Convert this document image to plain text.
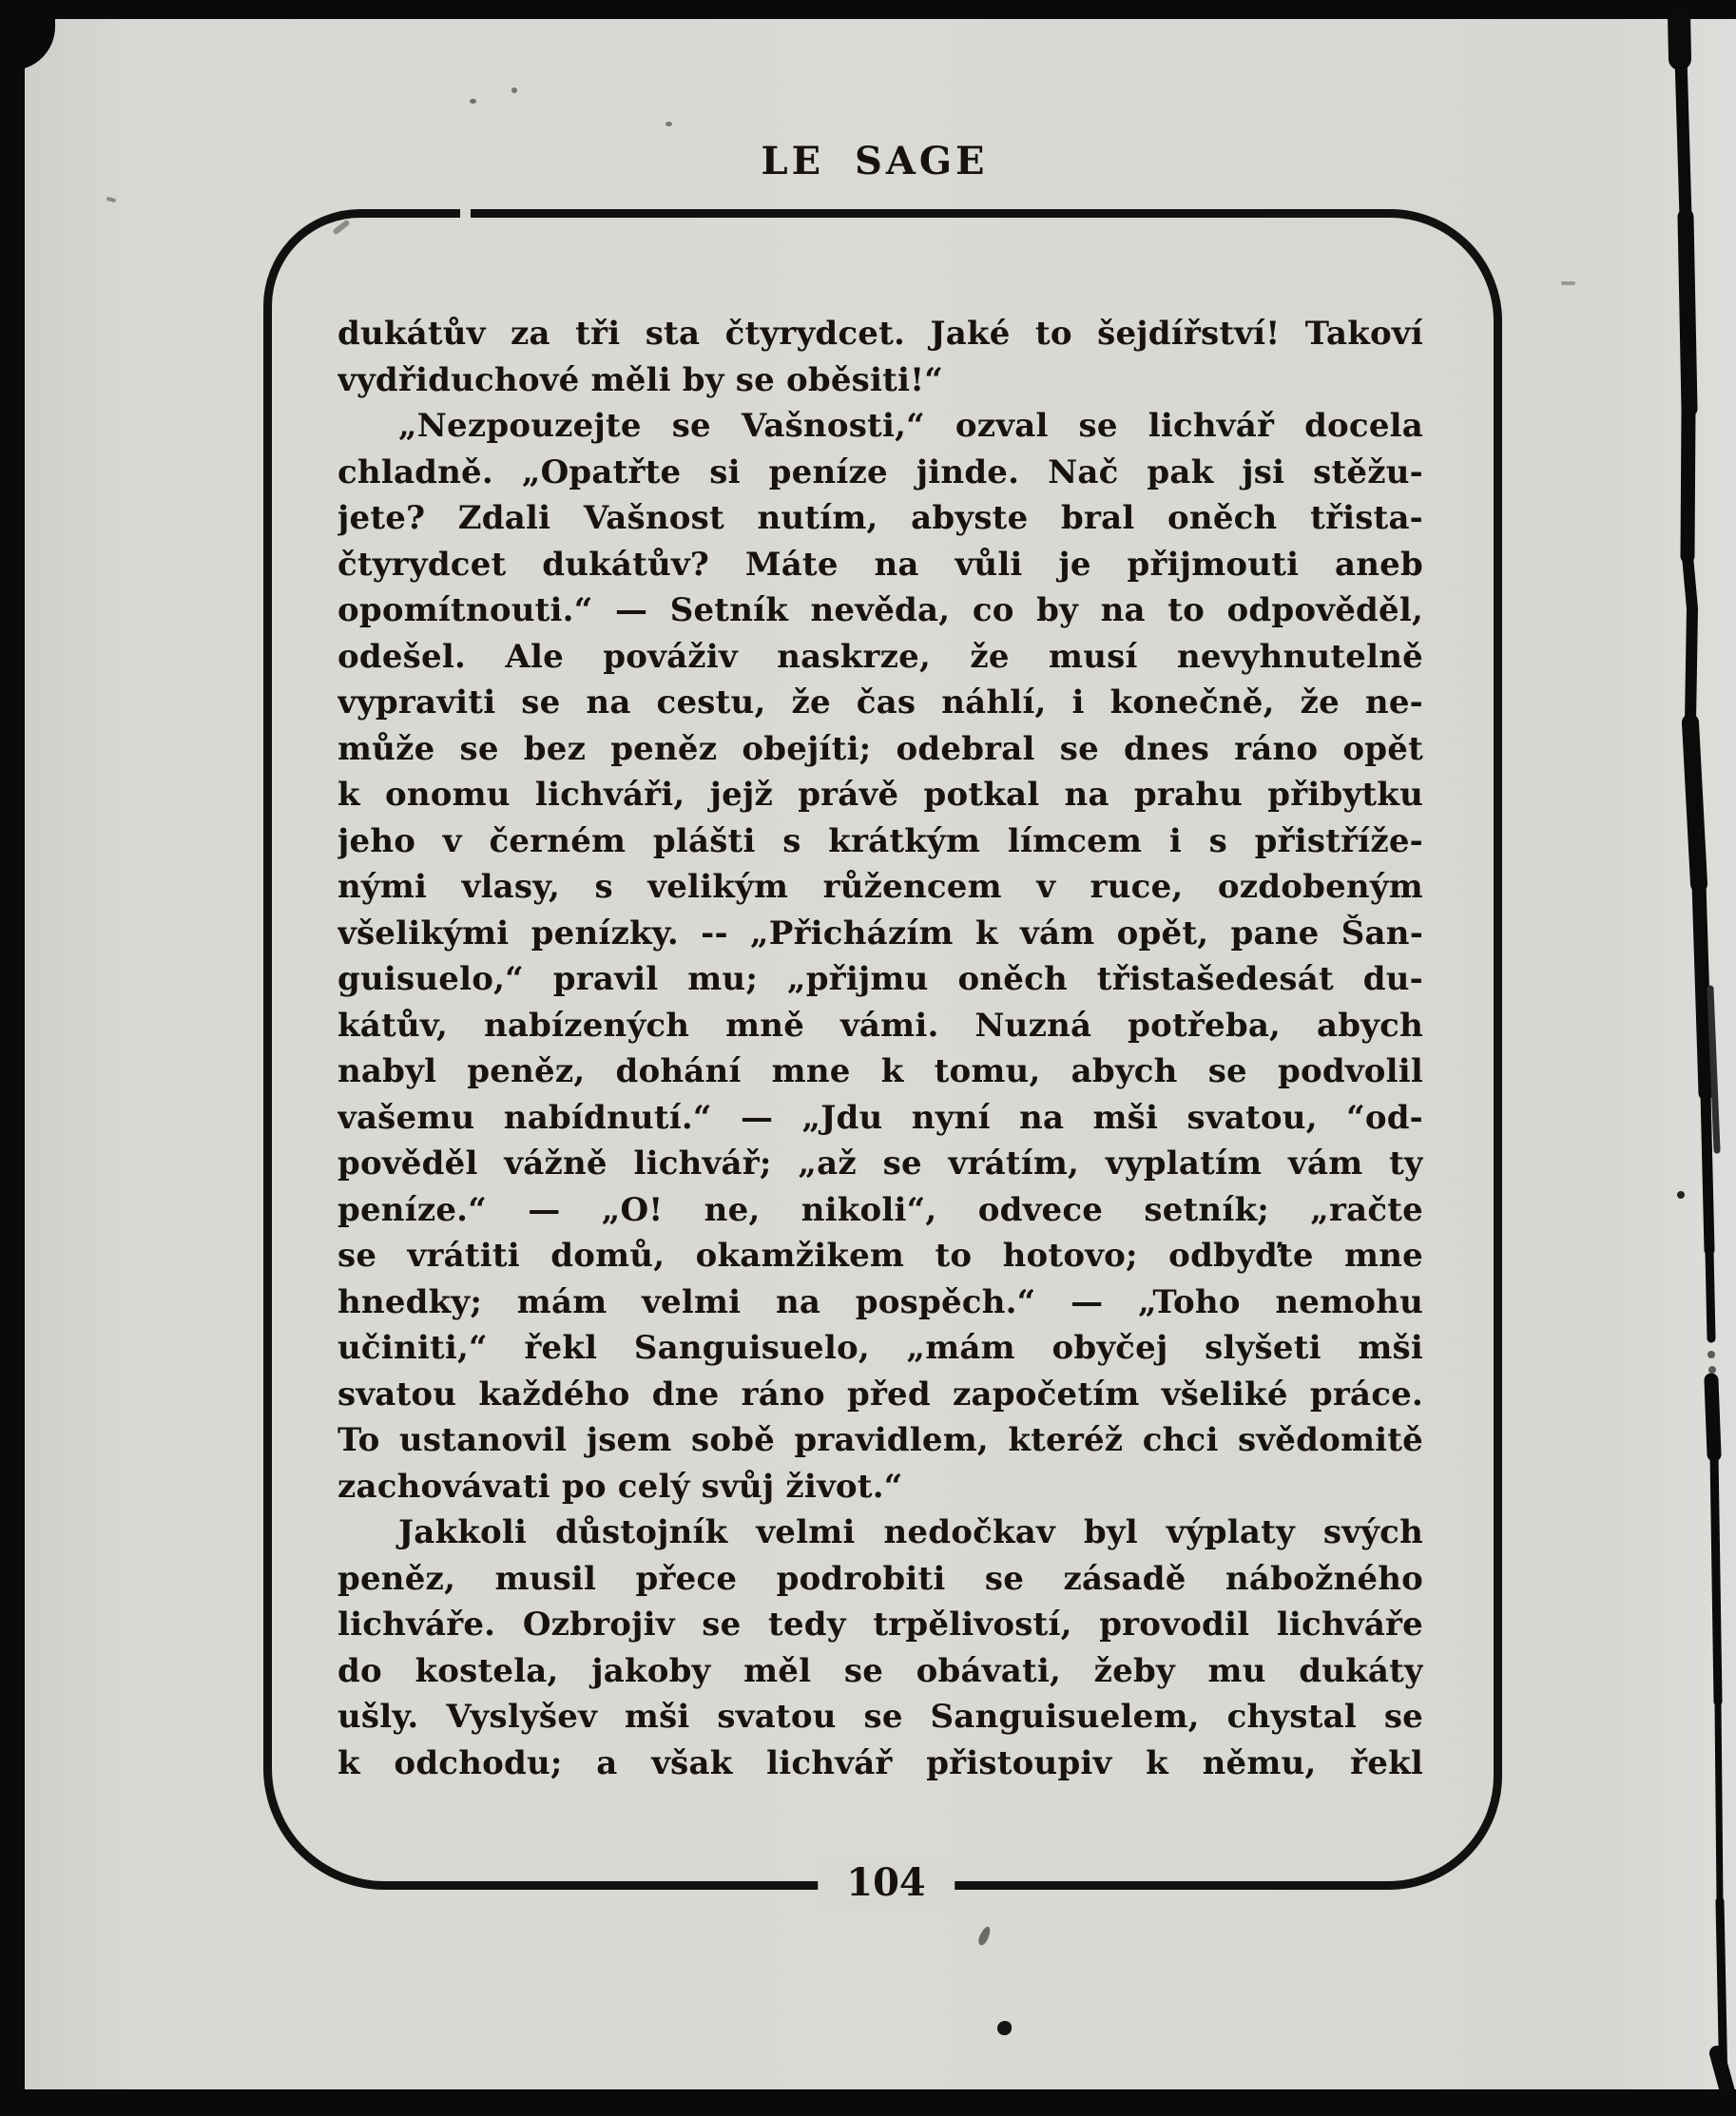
LE SAGE
dukátův za tři sta čtyrydcet. Jaké to šejdířství! Takoví
vydřiduchové měli by se oběsiti!“
„Nezpouzejte se Vašnosti,“ ozval se lichvář docela
chladně. „Opatřte si peníze jinde. Nač pak jsi stěžu-
jete? Zdali Vašnost nutím, abyste bral oněch třista-
čtyrydcet dukátův? Máte na vůli je přijmouti aneb
opomítnouti.“ — Setník nevěda, co by na to odpověděl,
odešel. Ale pováživ naskrze, že musí nevyhnutelně
vypraviti se na cestu, že čas náhlí, i konečně, že ne-
může se bez peněz obejíti; odebral se dnes ráno opět
k onomu lichváři, jejž právě potkal na prahu přibytku
jeho v černém plášti s krátkým límcem i s přistříže-
nými vlasy, s velikým růžencem v ruce, ozdobeným
všelikými penízky. -- „Přicházím k vám opět, pane Šan-
guisuelo,“ pravil mu; „přijmu oněch třistašedesát du-
kátův, nabízených mně vámi. Nuzná potřeba, abych
nabyl peněz, dohání mne k tomu, abych se podvolil
vašemu nabídnutí.“ — „Jdu nyní na mši svatou, “od-
pověděl vážně lichvář; „až se vrátím, vyplatím vám ty
peníze.“ — „O! ne, nikoli“, odvece setník; „račte
se vrátiti domů, okamžikem to hotovo; odbyďte mne
hnedky; mám velmi na pospěch.“ — „Toho nemohu
učiniti,“ řekl Sanguisuelo, „mám obyčej slyšeti mši
svatou každého dne ráno před započetím všeliké práce.
To ustanovil jsem sobě pravidlem, kteréž chci svědomitě
zachovávati po celý svůj život.“
Jakkoli důstojník velmi nedočkav byl výplaty svých
peněz, musil přece podrobiti se zásadě nábožného
lichváře. Ozbrojiv se tedy trpělivostí, provodil lichváře
do kostela, jakoby měl se obávati, žeby mu dukáty
ušly. Vyslyšev mši svatou se Sanguisuelem, chystal se
k odchodu; a však lichvář přistoupiv k němu, řekl
104
